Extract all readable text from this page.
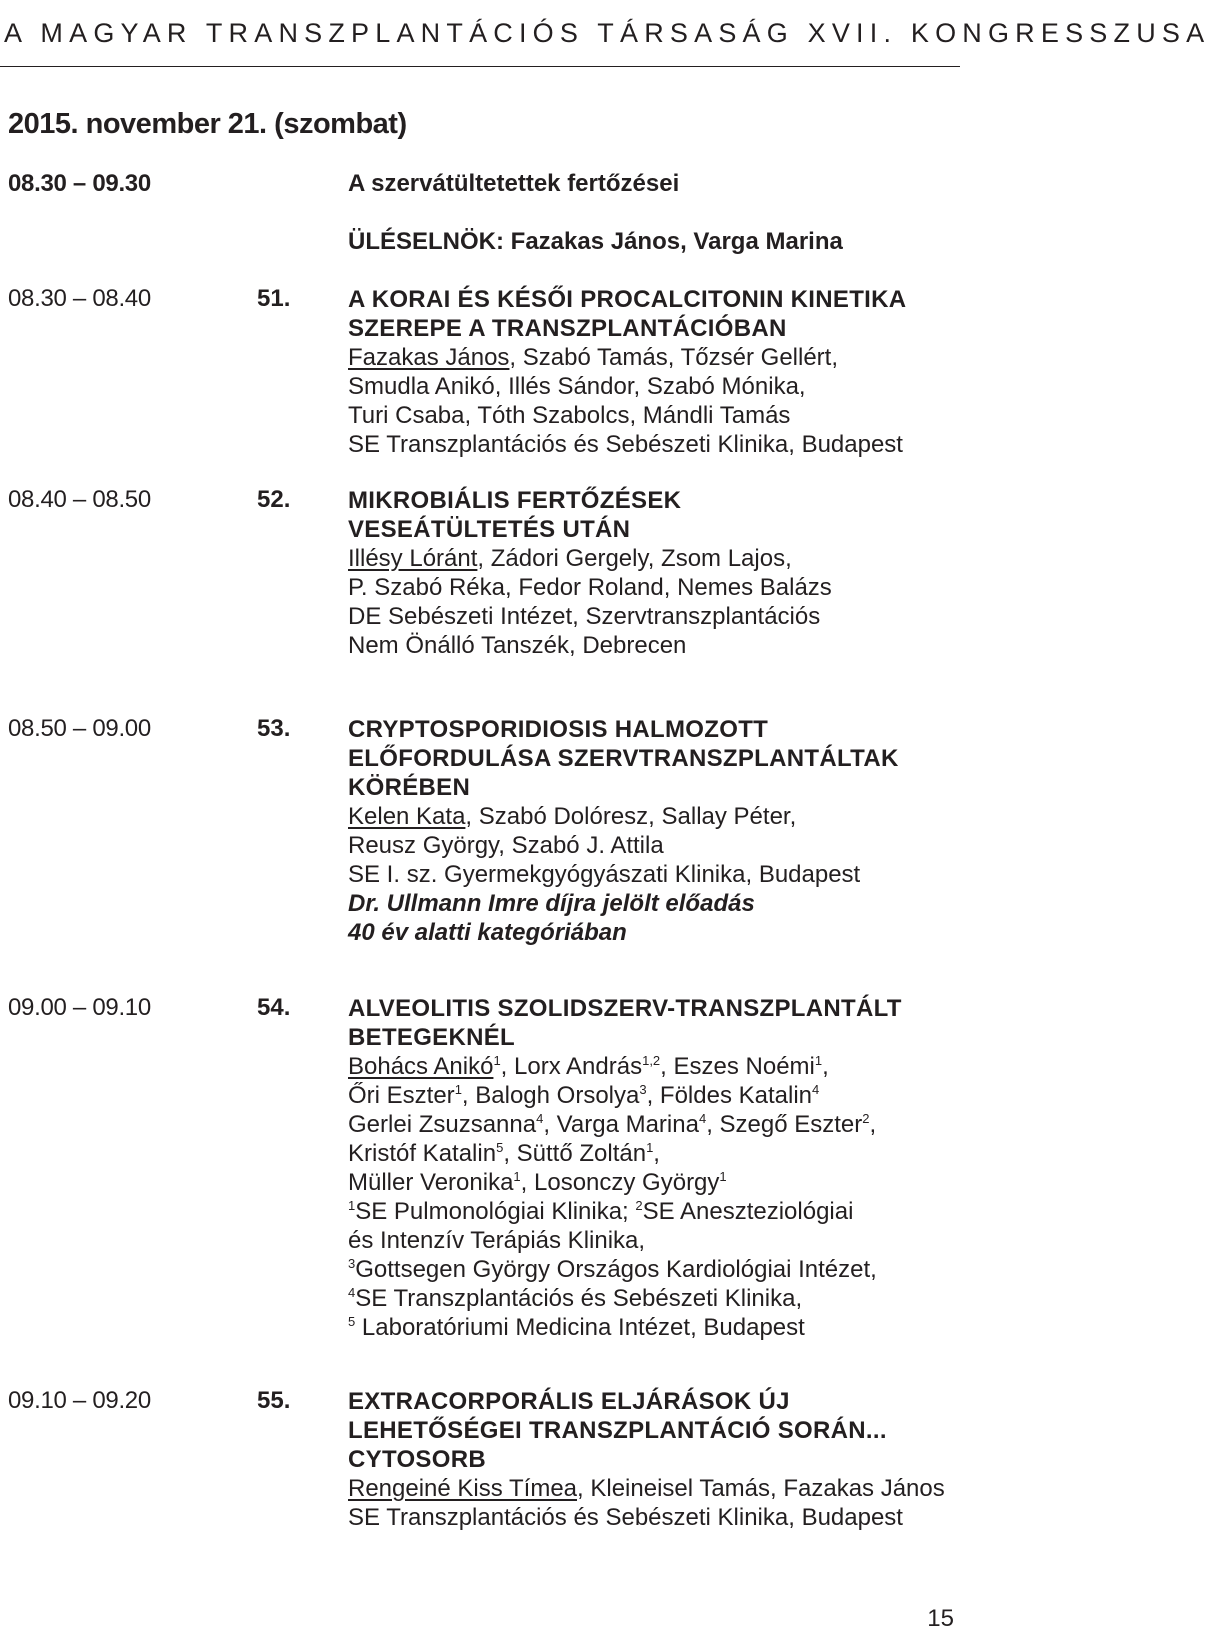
A MAGYAR TRANSZPLANTÁCIÓS TÁRSASÁG XVII. KONGRESSZUSA
2015. november 21. (szombat)
08.30 – 09.30	A szervátültetettek fertőzései
ÜLÉSELNÖK: Fazakas János, Varga Marina
08.30 – 08.40	51. A KORAI ÉS KÉSŐI PROCALCITONIN KINETIKA
SZEREPE A TRANSZPLANTÁCIÓBAN
Fazakas János, Szabó Tamás, Tőzsér Gellért,
Smudla Anikó, Illés Sándor, Szabó Mónika,
Turi Csaba, Tóth Szabolcs, Mándli Tamás
SE Transzplantációs és Sebészeti Klinika, Budapest
08.40 – 08.50	52. MIKROBIÁLIS FERTŐZÉSEK
VESEÁTÜLTETÉS UTÁN
Illésy Lóránt, Zádori Gergely, Zsom Lajos,
P. Szabó Réka, Fedor Roland, Nemes Balázs
DE Sebészeti Intézet, Szervtranszplantációs
Nem Önálló Tanszék, Debrecen
08.50 – 09.00	53. CRYPTOSPORIDIOSIS HALMOZOTT
ELŐFORDULÁSA SZERVTRANSZPLANTÁLTAK
KÖRÉBEN
Kelen Kata, Szabó Dolóresz, Sallay Péter,
Reusz György, Szabó J. Attila
SE I. sz. Gyermekgyógyászati Klinika, Budapest
Dr. Ullmann Imre díjra jelölt előadás
40 év alatti kategóriában
09.00 – 09.10	54. ALVEOLITIS SZOLIDSZERV-TRANSZPLANTÁLT
BETEGEKNÉL
Bohács Anikó$^1$, Lorx András$^{1,2}$, Eszes Noémi$^1$,
Őri Eszter$^1$, Balogh Orsolya$^3$, Földes Katalin$^4$
Gerlei Zsuzsanna$^4$, Varga Marina$^4$, Szegő Eszter$^2$,
Kristóf Katalin$^5$, Süttő Zoltán$^1$,
Müller Veronika$^1$, Losonczy György$^1$
$^1$SE Pulmonológiai Klinika; $^2$SE Aneszteziológiai
és Intenzív Terápiás Klinika,
$^3$Gottsegen György Országos Kardiológiai Intézet,
$^4$SE Transzplantációs és Sebészeti Klinika,
$^5$ Laboratóriumi Medicina Intézet, Budapest
09.10 – 09.20	55. EXTRACORPORÁLIS ELJÁRÁSOK ÚJ
LEHETŐSÉGEI TRANSZPLANTÁCIÓ SORÁN...
CYTOSORB
Rengeiné Kiss Tímea, Kleineisel Tamás, Fazakas János
SE Transzplantációs és Sebészeti Klinika, Budapest
15
